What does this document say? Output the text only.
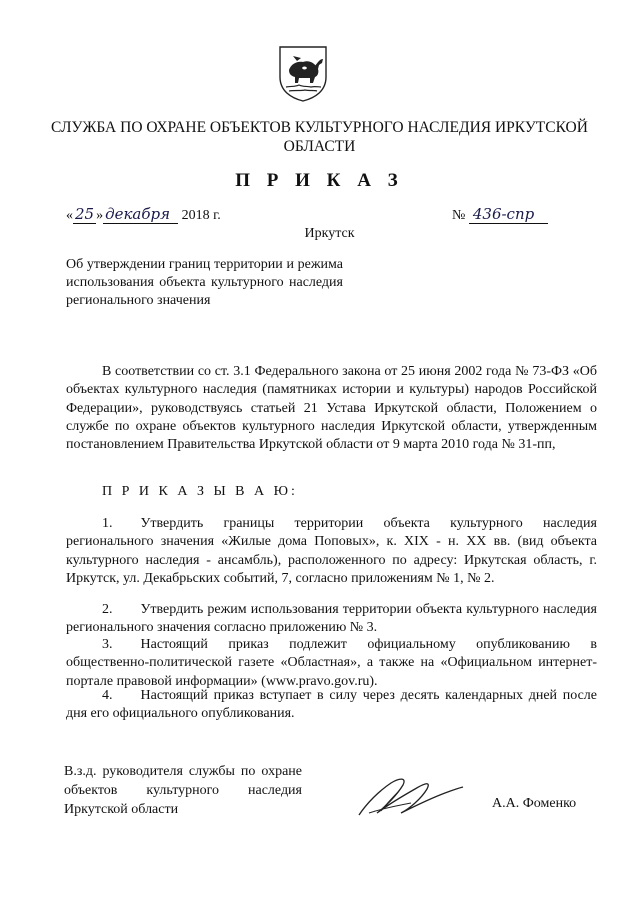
СЛУЖБА ПО ОХРАНЕ ОБЪЕКТОВ КУЛЬТУРНОГО НАСЛЕДИЯ ИРКУТСКОЙ ОБЛАСТИ
П Р И К А З
« 25 » декабря 2018 г.
Иркутск
№ 436-спр
Об утверждении границ территории и режима использования объекта культурного наследия регионального значения
В соответствии со ст. 3.1 Федерального закона от 25 июня 2002 года № 73-ФЗ «Об объектах культурного наследия (памятниках истории и культуры) народов Российской Федерации», руководствуясь статьей 21 Устава Иркутской области, Положением о службе по охране объектов культурного наследия Иркутской области, утвержденным постановлением Правительства Иркутской области от 9 марта 2010 года № 31-пп,
П Р И К А З Ы В А Ю:
1.  Утвердить границы территории объекта культурного наследия регионального значения «Жилые дома Поповых», к. XIX - н. XX вв. (вид объекта культурного наследия - ансамбль), расположенного по адресу: Иркутская область, г. Иркутск, ул. Декабрьских событий, 7, согласно приложениям № 1, № 2.
2.  Утвердить режим использования территории объекта культурного наследия регионального значения согласно приложению № 3.
3.  Настоящий приказ подлежит официальному опубликованию в общественно-политической газете «Областная», а также на «Официальном интернет-портале правовой информации» (www.pravo.gov.ru).
4.  Настоящий приказ вступает в силу через десять календарных дней после дня его официального опубликования.
В.з.д. руководителя службы по охране объектов культурного наследия Иркутской области	А.А. Фоменко
